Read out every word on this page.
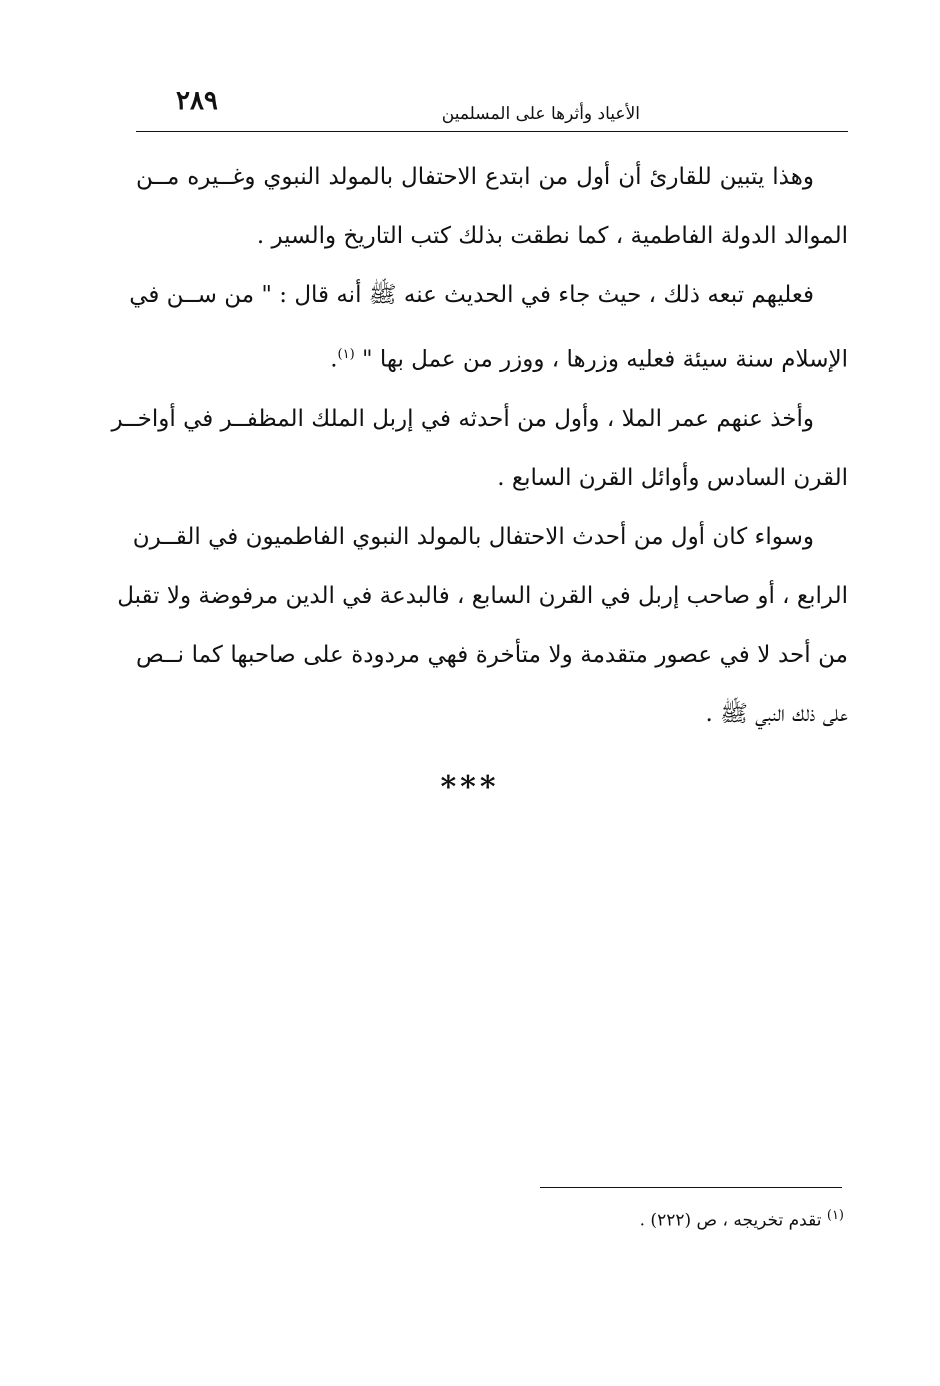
٢٨٩	الأعياد وأثرها على المسلمين
وهذا يتبين للقارئ أن أول من ابتدع الاحتفال بالمولد النبوي وغــيره مــن
الموالد الدولة الفاطمية ، كما نطقت بذلك كتب التاريخ والسير .
فعليهم تبعه ذلك ، حيث جاء في الحديث عنه ﷺ أنه قال : " من ســن في
الإسلام سنة سيئة فعليه وزرها ، ووزر من عمل بها " $^{(١)}$.
وأخذ عنهم عمر الملا ، وأول من أحدثه في إربل الملك المظفــر في أواخــر
القرن السادس وأوائل القرن السابع .
وسواء كان أول من أحدث الاحتفال بالمولد النبوي الفاطميون في القــرن
الرابع ، أو صاحب إربل في القرن السابع ، فالبدعة في الدين مرفوضة ولا تقبل
من أحد لا في عصور متقدمة ولا متأخرة فهي مردودة على صاحبها كما نــص
على ذلك النبي ﷺ .
***
$^{(١)}$ تقدم تخريجه ، ص (٢٢٢) .
